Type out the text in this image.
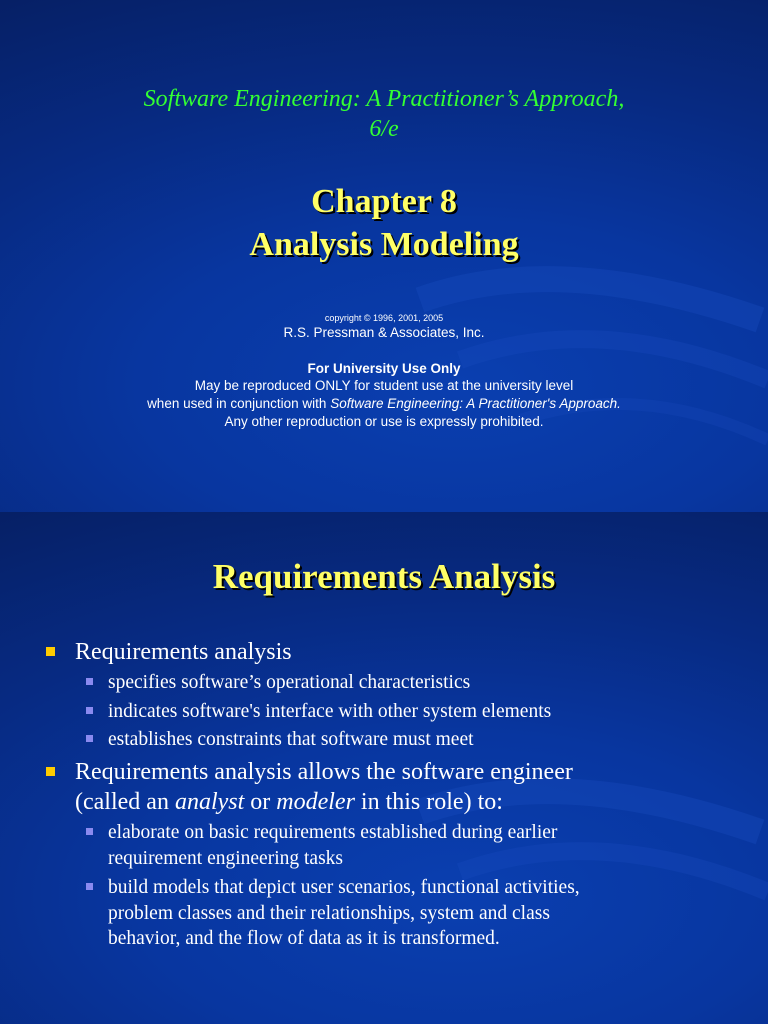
Software Engineering: A Practitioner’s Approach,
6/e
Chapter 8
Analysis Modeling
copyright © 1996, 2001, 2005
R.S. Pressman & Associates, Inc.
For University Use Only
May be reproduced ONLY for student use at the university level
when used in conjunction with Software Engineering: A Practitioner's Approach.
Any other reproduction or use is expressly prohibited.
Requirements Analysis
Requirements analysis
specifies software’s operational characteristics
indicates software's interface with other system elements
establishes constraints that software must meet
Requirements analysis allows the software engineer
(called an analyst or modeler in this role) to:
elaborate on basic requirements established during earlier
requirement engineering tasks
build models that depict user scenarios, functional activities,
problem classes and their relationships, system and class
behavior, and the flow of data as it is transformed.
